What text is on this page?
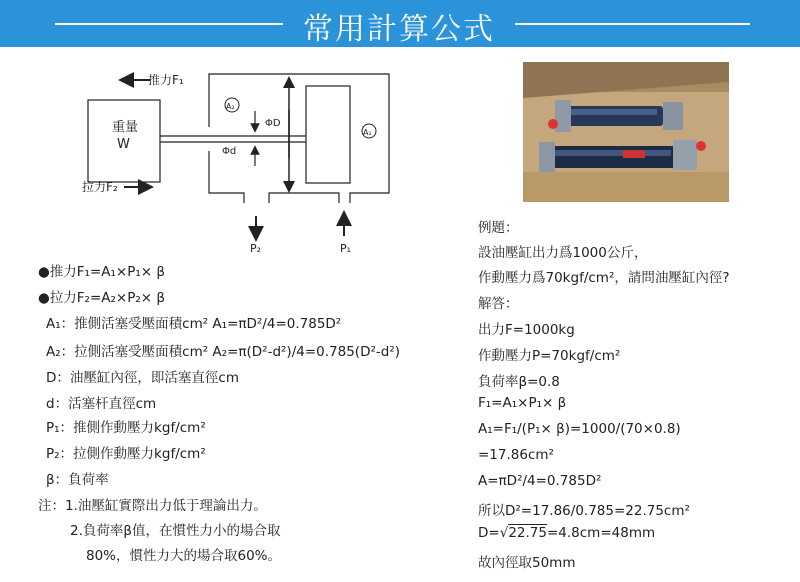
常用計算公式
推力F₁
重量
W
拉力F₂
A₂
A₁
ΦD
Φd
P₂	P₁
●推力F₁=A₁×P₁× β
●拉力F₂=A₂×P₂× β
A₁：推側活塞受壓面積cm² A₁=πD²/4=0.785D²
A₂：拉側活塞受壓面積cm² A₂=π(D²-d²)/4=0.785(D²-d²)
D：油壓缸內徑，即活塞直徑cm
d：活塞杆直徑cm
P₁：推側作動壓力kgf/cm²
P₂：拉側作動壓力kgf/cm²
β：負荷率
注：1.油壓缸實際出力低于理論出力。
2.負荷率β值，在慣性力小的場合取
80%，慣性力大的場合取60%。
例題：
設油壓缸出力爲1000公斤，
作動壓力爲70kgf/cm²，請問油壓缸內徑?
解答：
出力F=1000kg
作動壓力P=70kgf/cm²
負荷率β=0.8
F₁=A₁×P₁× β
A₁=F₁/(P₁× β)=1000/(70×0.8)
=17.86cm²
A=πD²/4=0.785D²
所以D²=17.86/0.785=22.75cm²
D=√22.75=4.8cm=48mm
故內徑取50mm
